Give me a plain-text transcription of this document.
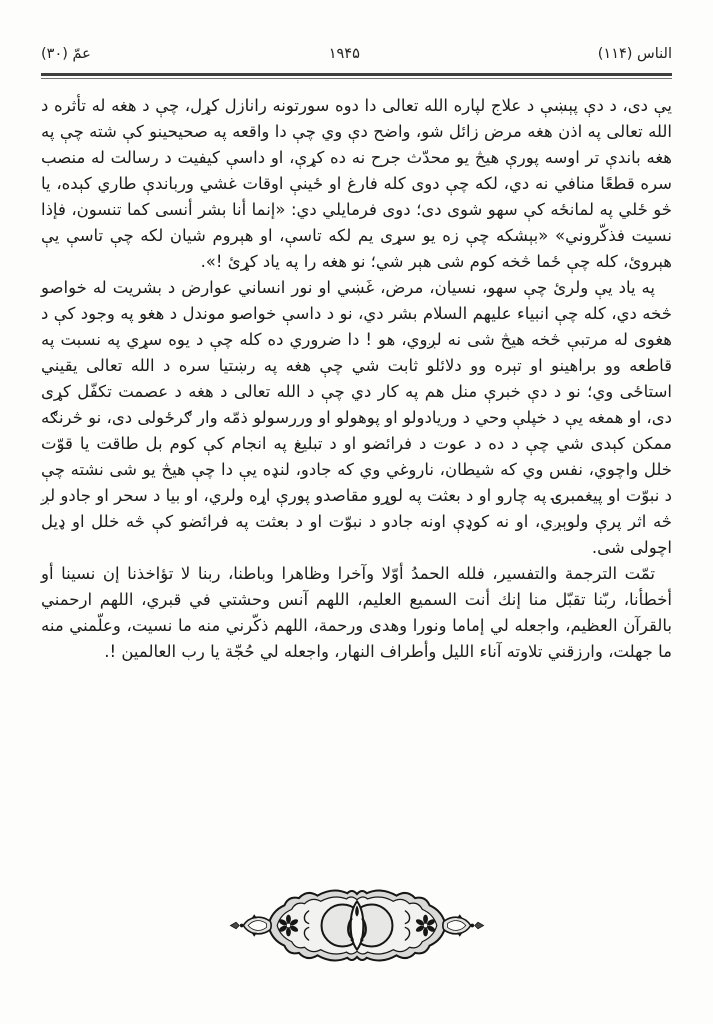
الناس (۱۱۴)
۱۹۴۵
عمّ (۳۰)

يې دى، د دې پېښې د علاج لپاره الله تعالى دا دوه سورتونه رانازل کړل، چې د هغه له تأثره د الله تعالى په اذن هغه مرض زائل شو، واضح دې وي چې دا واقعه په صحيحينو کې شته چې په هغه باندې تر اوسه پورې هيڅ يو محدّث جرح نه ده کړې، او داسې کيفيت د رسالت له منصب سره قطعًا منافي نه دي، لکه چې دوى کله فارغ او ځينې اوقات غشي ورباندې طاري کېده، يا څو ځلي په لمانځه کې سهو شوى دى؛ دوى فرمايلي دي: «إنما أنا بشر أنسى كما تنسون، فإذا نسيت فذكّروني» «بېشکه چې زه يو سړى يم لکه تاسې، او هېروم شيان لکه چې تاسې يې هېروئ، کله چې ځما څخه کوم شى هېر شي؛ نو هغه را په ياد کړئ !».

په ياد يې ولرئ چې سهو، نسيان، مرض، غَښي او نور انساني عوارض د بشريت له خواصو څخه دي، کله چې انبياء عليهم السلام بشر دي، نو د داسې خواصو موندل د هغو په وجود کې د هغوى له مرتبې څخه هيڅ شى نه لږوي، هو ! دا ضروري ده کله چې د يوه سړي په نسبت په قاطعه وو براهينو او تېره وو دلائلو ثابت شي چې هغه په رښتيا سره د الله تعالى يقيني استاځى وي؛ نو د دې خبرې منل هم په کار دي چې د الله تعالى د هغه د عصمت تکفّل کړى دى، او همغه يې د خپلې وحي د وريادولو او پوهولو او وررسولو ذمّه وار ګرځولى دى، نو څرنګه ممکن کېدى شي چې د ده د عوت د فرائضو او د تبليغ په انجام کې کوم بل طاقت يا قوّت خلل واچوي، نفس وي که شيطان، ناروغي وي که جادو، لنډه يې دا چې هيڅ يو شى نشته چې د نبوّت او پيغمبرۍ په چارو او د بعثت په لوړو مقاصدو پورې اړه ولري، او بيا د سحر او جادو لږ څه اثر پرې ولوېږي، او نه کوډې اونه جادو د نبوّت او د بعثت په فرائضو کې څه خلل او ډيل اچولى شى.

تمّت الترجمة والتفسير، فلله الحمدُ أوّلا وآخرا وظاهرا وباطنا، ربنا لا تؤاخذنا إن نسينا أو أخطأنا، ربّنا تقبّل منا إنك أنت السميع العليم، اللهم آنس وحشتي في قبري، اللهم ارحمني بالقرآن العظيم، واجعله لي إماما ونورا وهدى ورحمة، اللهم ذكّرني منه ما نسيت، وعلّمني منه ما جهلت، وارزقني تلاوته آناء الليل وأطراف النهار، واجعله لي حُجّة يا رب العالمين !.
